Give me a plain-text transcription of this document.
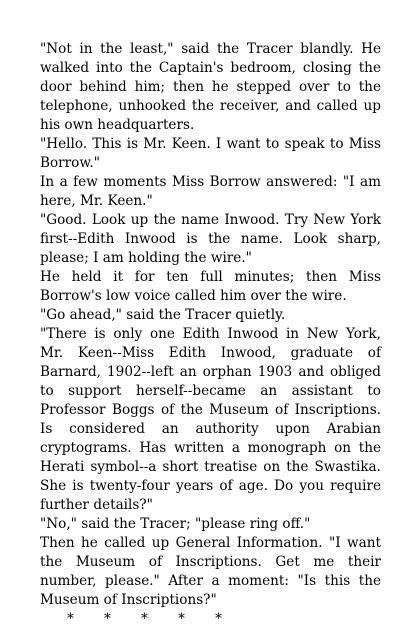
"Not in the least," said the Tracer blandly. He walked into the Captain's bedroom, closing the door behind him; then he stepped over to the telephone, unhooked the receiver, and called up his own headquarters.

"Hello. This is Mr. Keen. I want to speak to Miss Borrow."

In a few moments Miss Borrow answered: "I am here, Mr. Keen."

"Good. Look up the name Inwood. Try New York first--Edith Inwood is the name. Look sharp, please; I am holding the wire."

He held it for ten full minutes; then Miss Borrow's low voice called him over the wire.

"Go ahead," said the Tracer quietly.

"There is only one Edith Inwood in New York, Mr. Keen--Miss Edith Inwood, graduate of Barnard, 1902--left an orphan 1903 and obliged to support herself--became an assistant to Professor Boggs of the Museum of Inscriptions. Is considered an authority upon Arabian cryptograms. Has written a monograph on the Herati symbol--a short treatise on the Swastika. She is twenty-four years of age. Do you require further details?"

"No," said the Tracer; "please ring off."

Then he called up General Information. "I want the Museum of Inscriptions. Get me their number, please." After a moment: "Is this the Museum of Inscriptions?"

*       *       *       *       *
